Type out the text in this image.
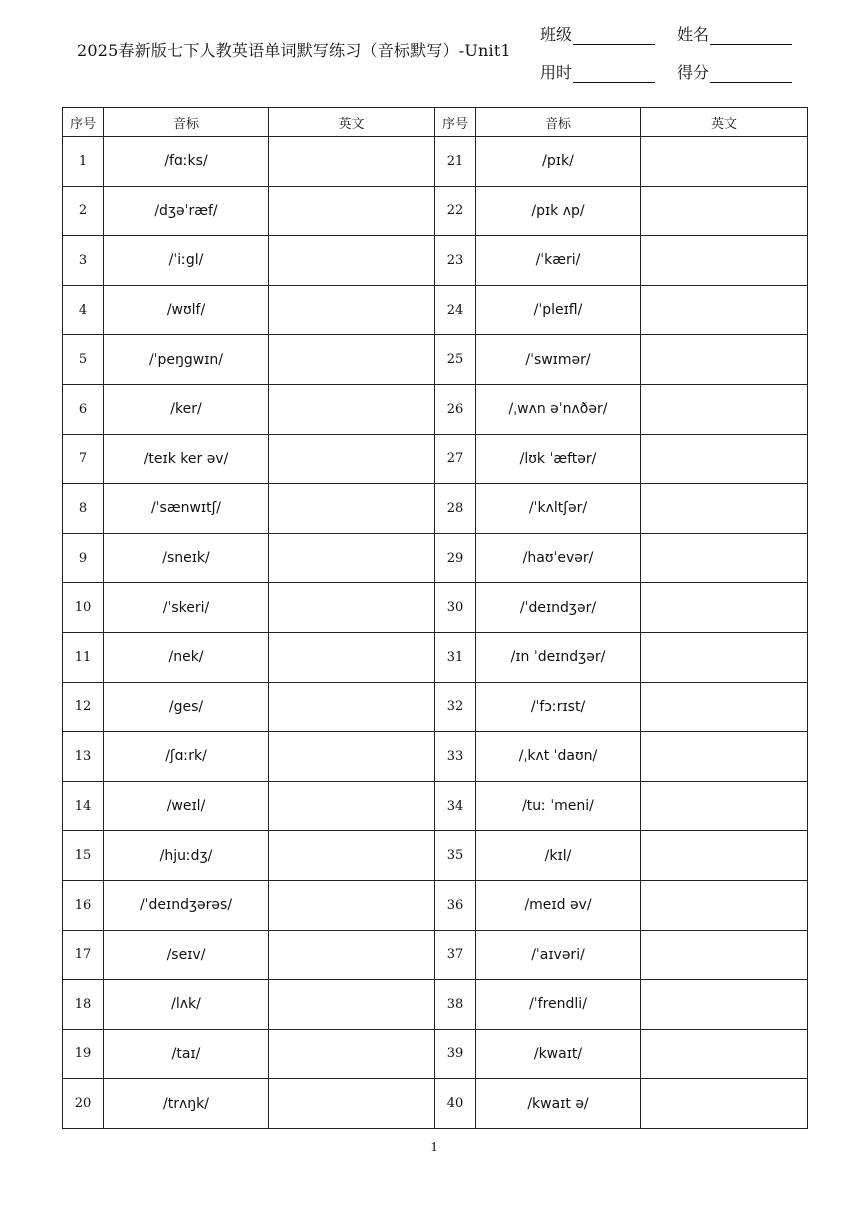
2025春新版七下人教英语单词默写练习（音标默写）-Unit1
班级	姓名
用时	得分
序号	音标	英文	序号	音标	英文
1	/fɑːks/		21	/pɪk/	
2	/dʒəˈræf/		22	/pɪk ʌp/	
3	/ˈiːgl/		23	/ˈkæri/	
4	/wʊlf/		24	/ˈpleɪfl/	
5	/ˈpeŋgwɪn/		25	/ˈswɪmər/	
6	/ker/		26	/ˌwʌn əˈnʌðər/	
7	/teɪk ker əv/		27	/lʊk ˈæftər/	
8	/ˈsænwɪtʃ/		28	/ˈkʌltʃər/	
9	/sneɪk/		29	/haʊˈevər/	
10	/ˈskeri/		30	/ˈdeɪndʒər/	
11	/nek/		31	/ɪn ˈdeɪndʒər/	
12	/ges/		32	/ˈfɔːrɪst/	
13	/ʃɑːrk/		33	/ˌkʌt ˈdaʊn/	
14	/weɪl/		34	/tuː ˈmeni/	
15	/hjuːdʒ/		35	/kɪl/	
16	/ˈdeɪndʒərəs/		36	/meɪd əv/	
17	/seɪv/		37	/ˈaɪvəri/	
18	/lʌk/		38	/ˈfrendli/	
19	/taɪ/		39	/kwaɪt/	
20	/trʌŋk/		40	/kwaɪt ə/	
1
